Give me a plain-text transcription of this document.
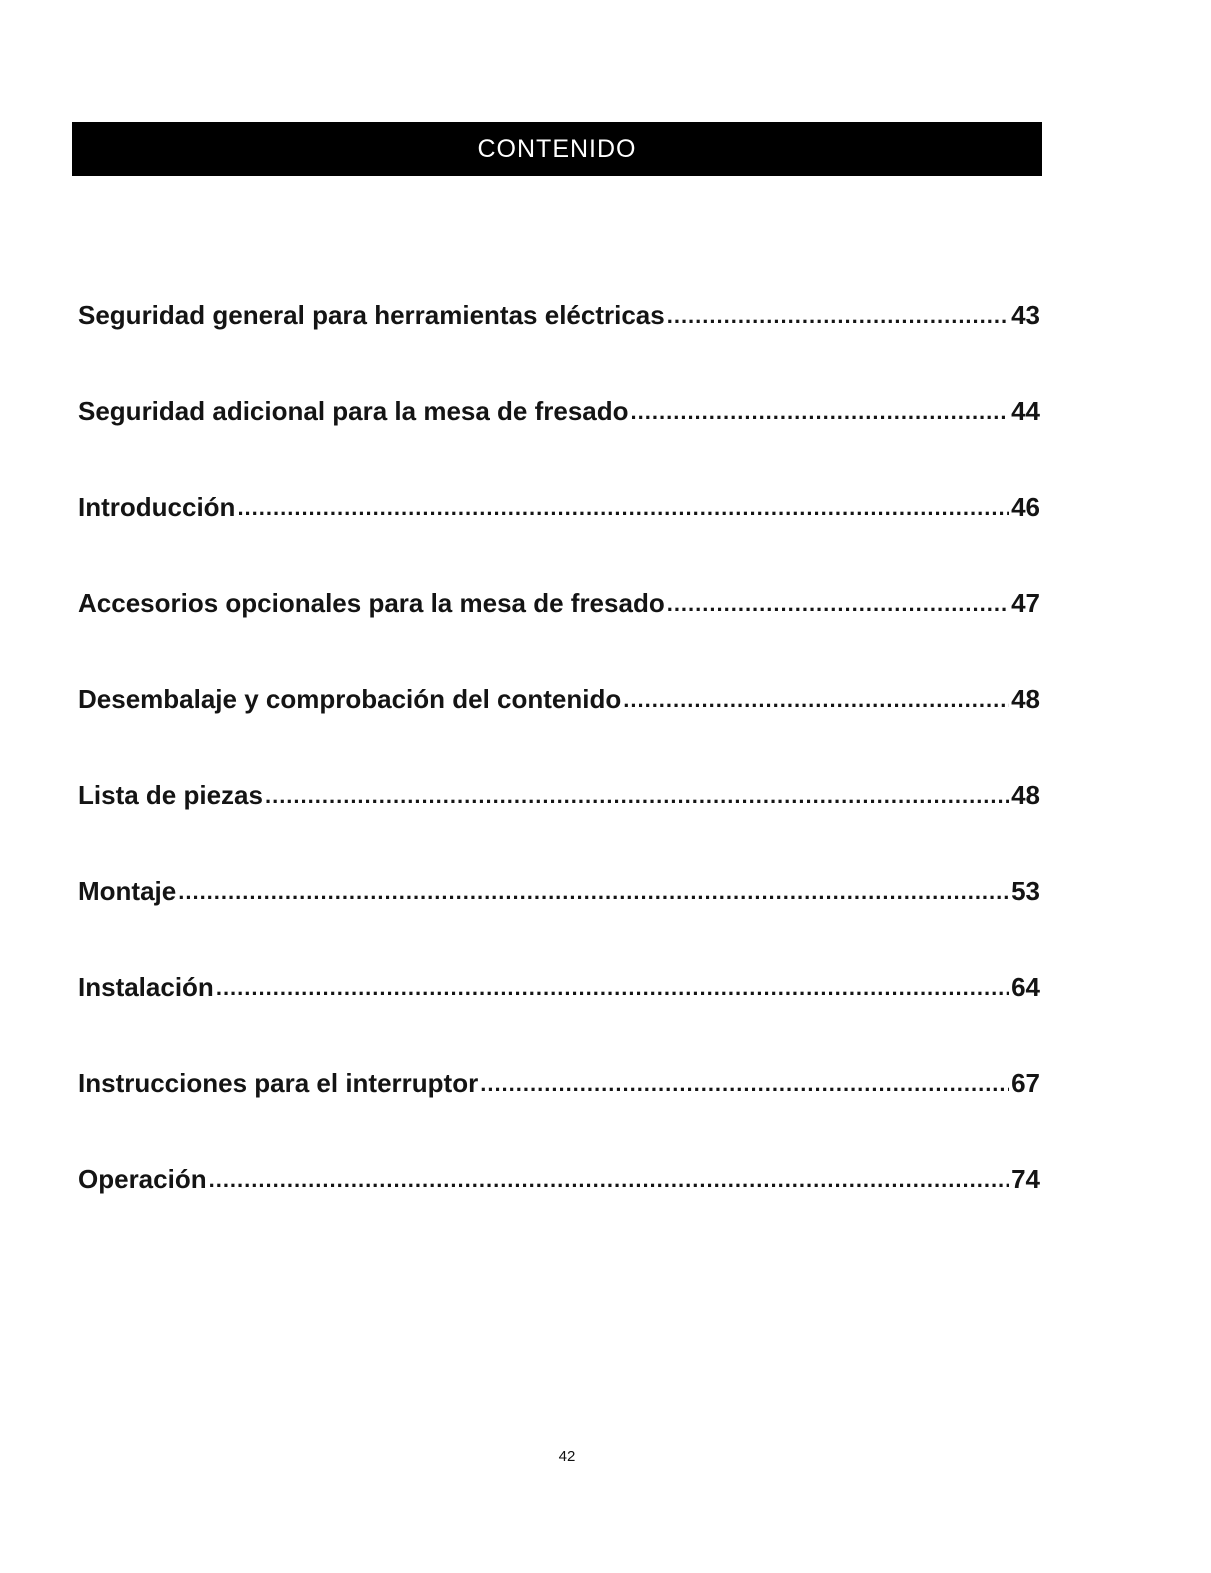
CONTENIDO
Seguridad general para herramientas eléctricas .....	43
Seguridad adicional para la mesa de fresado .....	44
Introducción .....	46
Accesorios opcionales para la mesa de fresado .....	47
Desembalaje y comprobación del contenido .....	48
Lista de piezas .....	48
Montaje .....	53
Instalación .....	64
Instrucciones para el interruptor .....	67
Operación .....	74
42
